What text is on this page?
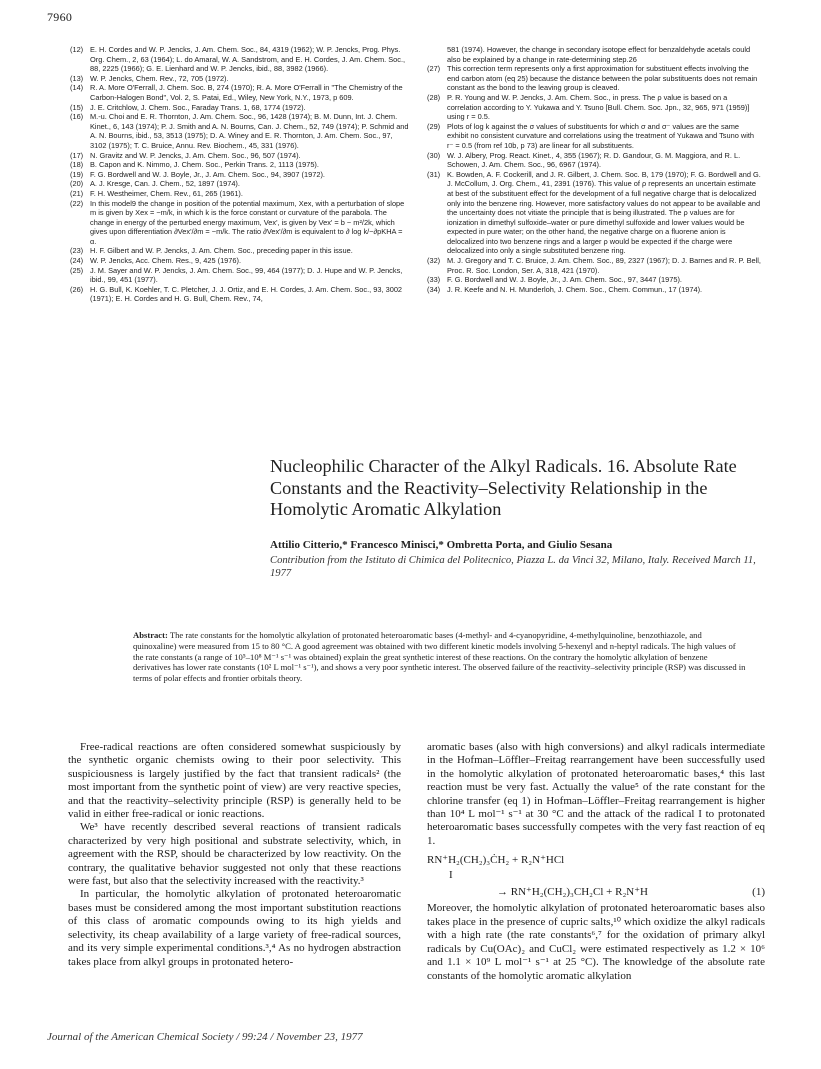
7960
(12) E. H. Cordes and W. P. Jencks, J. Am. Chem. Soc., 84, 4319 (1962); W. P. Jencks, Prog. Phys. Org. Chem., 2, 63 (1964); L. do Amaral, W. A. Sandstrom, and E. H. Cordes, J. Am. Chem. Soc., 88, 2225 (1966); G. E. Lienhard and W. P. Jencks, ibid., 88, 3982 (1966).
(13) W. P. Jencks, Chem. Rev., 72, 705 (1972).
(14) R. A. More O'Ferrall, J. Chem. Soc. B, 274 (1970); R. A. More O'Ferrall in "The Chemistry of the Carbon-Halogen Bond", Vol. 2, S. Patai, Ed., Wiley, New York, N.Y., 1973, p 609.
(15) J. E. Critchlow, J. Chem. Soc., Faraday Trans. 1, 68, 1774 (1972).
(16) M.-u. Choi and E. R. Thornton, J. Am. Chem. Soc., 96, 1428 (1974); B. M. Dunn, Int. J. Chem. Kinet., 6, 143 (1974); P. J. Smith and A. N. Bourns, Can. J. Chem., 52, 749 (1974); P. Schmid and A. N. Bourns, ibid., 53, 3513 (1975); D. A. Winey and E. R. Thornton, J. Am. Chem. Soc., 97, 3102 (1975); T. C. Bruice, Annu. Rev. Biochem., 45, 331 (1976).
(17) N. Gravitz and W. P. Jencks, J. Am. Chem. Soc., 96, 507 (1974).
(18) B. Capon and K. Nimmo, J. Chem. Soc., Perkin Trans. 2, 1113 (1975).
(19) F. G. Bordwell and W. J. Boyle, Jr., J. Am. Chem. Soc., 94, 3907 (1972).
(20) A. J. Kresge, Can. J. Chem., 52, 1897 (1974).
(21) F. H. Westheimer, Chem. Rev., 61, 265 (1961).
(22) In this model9 the change in position of the potential maximum, Xex, with a perturbation of slope m is given by Xex = −m/k, in which k is the force constant or curvature of the parabola. The change in energy of the perturbed energy maximum, Vex', is given by Vex' = b − m²/2k, which gives upon differentiation ∂Vex'/∂m = −m/k. The ratio ∂Vex'/∂m is equivalent to ∂ log k/−∂pKHA = α.
(23) H. F. Gilbert and W. P. Jencks, J. Am. Chem. Soc., preceding paper in this issue.
(24) W. P. Jencks, Acc. Chem. Res., 9, 425 (1976).
(25) J. M. Sayer and W. P. Jencks, J. Am. Chem. Soc., 99, 464 (1977); D. J. Hupe and W. P. Jencks, ibid., 99, 451 (1977).
(26) H. G. Bull, K. Koehler, T. C. Pletcher, J. J. Ortiz, and E. H. Cordes, J. Am. Chem. Soc., 93, 3002 (1971); E. H. Cordes and H. G. Bull, Chem. Rev., 74,
581 (1974). However, the change in secondary isotope effect for benzaldehyde acetals could also be explained by a change in rate-determining step.26
(27) This correction term represents only a first approximation for substituent effects involving the end carbon atom (eq 25) because the distance between the polar substituents does not remain constant as the bond to the leaving group is cleaved.
(28) P. R. Young and W. P. Jencks, J. Am. Chem. Soc., in press. The ρ value is based on a correlation according to Y. Yukawa and Y. Tsuno [Bull. Chem. Soc. Jpn., 32, 965, 971 (1959)] using r = 0.5.
(29) Plots of log k against the σ values of substituents for which σ and σ⁻ values are the same exhibit no consistent curvature and correlations using the treatment of Yukawa and Tsuno with r⁻ = 0.5 (from ref 10b, p 73) are linear for all substituents.
(30) W. J. Albery, Prog. React. Kinet., 4, 355 (1967); R. D. Gandour, G. M. Maggiora, and R. L. Schowen, J. Am. Chem. Soc., 96, 6967 (1974).
(31) K. Bowden, A. F. Cockerill, and J. R. Gilbert, J. Chem. Soc. B, 179 (1970); F. G. Bordwell and G. J. McCollum, J. Org. Chem., 41, 2391 (1976). This value of ρ represents an uncertain estimate at best of the substituent effect for the development of a full negative charge that is delocalized only into the benzene ring. However, more satisfactory values do not appear to be available and the uncertainty does not vitiate the principle that is being illustrated. The ρ values are for ionization in dimethyl sulfoxide–water or pure dimethyl sulfoxide and lower values would be expected in pure water; on the other hand, the negative charge on a fluorene anion is delocalized into two benzene rings and a larger ρ would be expected if the charge were delocalized into only a single substituted benzene ring.
(32) M. J. Gregory and T. C. Bruice, J. Am. Chem. Soc., 89, 2327 (1967); D. J. Barnes and R. P. Bell, Proc. R. Soc. London, Ser. A, 318, 421 (1970).
(33) F. G. Bordwell and W. J. Boyle, Jr., J. Am. Chem. Soc., 97, 3447 (1975).
(34) J. R. Keefe and N. H. Munderloh, J. Chem. Soc., Chem. Commun., 17 (1974).
Nucleophilic Character of the Alkyl Radicals. 16. Absolute Rate Constants and the Reactivity–Selectivity Relationship in the Homolytic Aromatic Alkylation
Attilio Citterio,* Francesco Minisci,* Ombretta Porta, and Giulio Sesana
Contribution from the Istituto di Chimica del Politecnico, Piazza L. da Vinci 32, Milano, Italy. Received March 11, 1977
Abstract: The rate constants for the homolytic alkylation of protonated heteroaromatic bases (4-methyl- and 4-cyanopyridine, 4-methylquinoline, benzothiazole, and quinoxaline) were measured from 15 to 80 °C. A good agreement was obtained with two different kinetic models involving 5-hexenyl and n-heptyl radicals. The high values of the rate constants (a range of 10⁵–10⁸ M⁻¹ s⁻¹ was obtained) explain the great synthetic interest of these reactions. On the contrary the homolytic alkylation of benzene derivatives has lower rate constants (10² L mol⁻¹ s⁻¹), and shows a very poor synthetic interest. The observed failure of the reactivity–selectivity principle (RSP) was discussed in terms of polar effects and frontier orbitals theory.

Free-radical reactions are often considered somewhat suspiciously by the synthetic organic chemists owing to their poor selectivity. This suspiciousness is largely justified by the fact that transient radicals² (the most important from the synthetic point of view) are very reactive species, and that the reactivity–selectivity principle (RSP) is generally held to be valid in either free-radical or ionic reactions.

We³ have recently described several reactions of transient radicals characterized by very high positional and substrate selectivity, which, in agreement with the RSP, should be characterized by low reactivity. On the contrary, the qualitative behavior suggested not only that these reactions were fast, but also that the selectivity increased with the reactivity.³

In particular, the homolytic alkylation of protonated heteroaromatic bases must be considered among the most important substitution reactions of this class of aromatic compounds owing to its high yields and selectivity, its cheap availability of a large variety of free-radical sources, and its very simple experimental conditions.³,⁴ As no hydrogen abstraction takes place from alkyl groups in protonated hetero-

aromatic bases (also with high conversions) and alkyl radicals intermediate in the Hofman–Löffler–Freitag rearrangement have been successfully used in the homolytic alkylation of protonated heteroaromatic bases,⁴ this last reaction must be very fast. Actually the value⁵ of the rate constant for the chlorine transfer (eq 1) in Hofman–Löffler–Freitag rearrangement is higher than 10⁴ L mol⁻¹ s⁻¹ at 30 °C and the attack of the radical I to protonated heteroaromatic bases successfully competes with the very fast reaction of eq 1.

RN⁺H₂(CH₂)₃ĊH₂ + R₂N⁺HCl
I
→ RN⁺H₂(CH₂)₃CH₂Cl + R₂N⁺H	(1)

Moreover, the homolytic alkylation of protonated heteroaromatic bases also takes place in the presence of cupric salts,¹⁰ which oxidize the alkyl radicals with a high rate (the rate constants⁶,⁷ for the oxidation of primary alkyl radicals by Cu(OAc)₂ and CuCl₂ were estimated respectively as 1.2 × 10⁶ and 1.1 × 10⁹ L mol⁻¹ s⁻¹ at 25 °C). The knowledge of the absolute rate constants of the homolytic aromatic alkylation

Journal of the American Chemical Society / 99:24 / November 23, 1977
